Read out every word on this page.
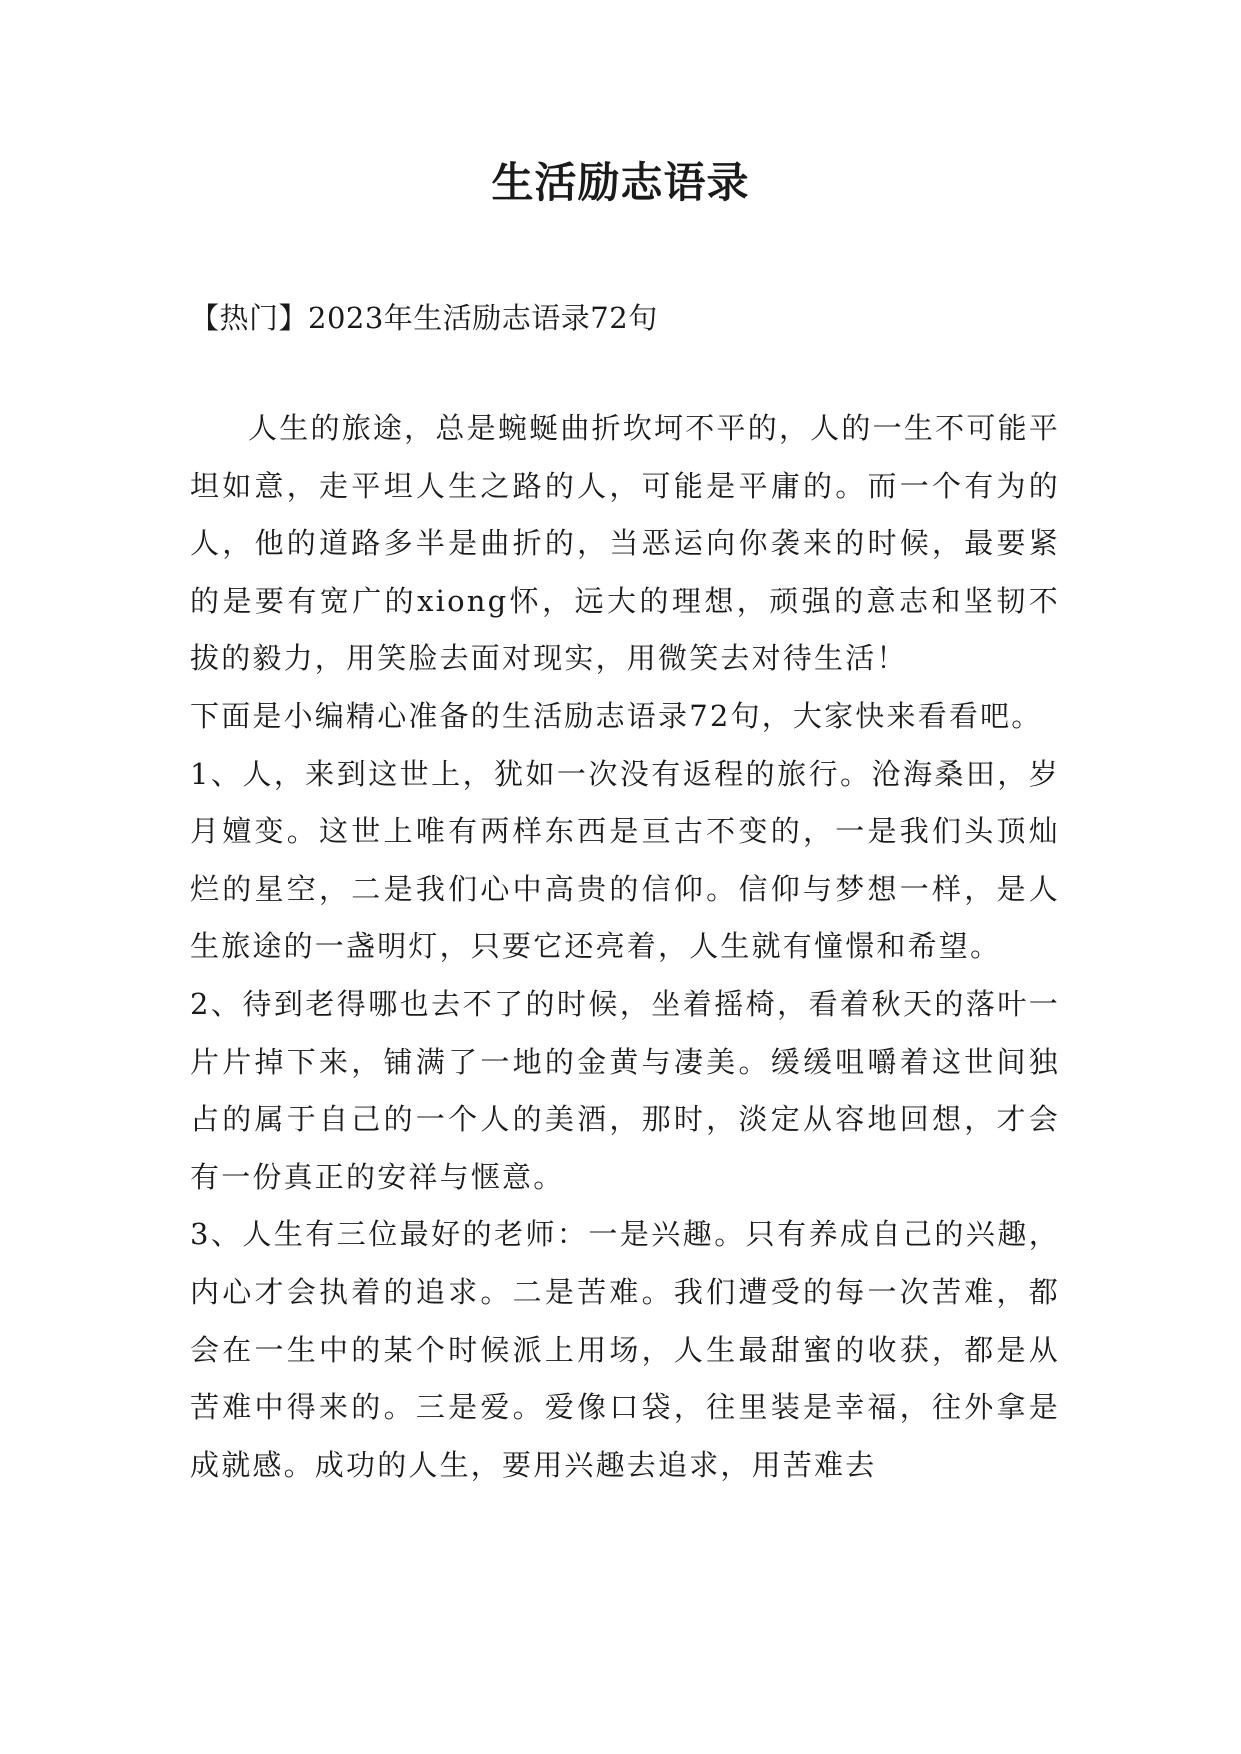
生活励志语录

【热门】2023年生活励志语录72句

人生的旅途，总是蜿蜒曲折坎坷不平的，人的一生不可能平坦如意，走平坦人生之路的人，可能是平庸的。而一个有为的人，他的道路多半是曲折的，当恶运向你袭来的时候，最要紧的是要有宽广的xiong怀，远大的理想，顽强的意志和坚韧不拔的毅力，用笑脸去面对现实，用微笑去对待生活！

下面是小编精心准备的生活励志语录72句，大家快来看看吧。

1、人，来到这世上，犹如一次没有返程的旅行。沧海桑田，岁月嬗变。这世上唯有两样东西是亘古不变的，一是我们头顶灿烂的星空，二是我们心中高贵的信仰。信仰与梦想一样，是人生旅途的一盏明灯，只要它还亮着，人生就有憧憬和希望。

2、待到老得哪也去不了的时候，坐着摇椅，看着秋天的落叶一片片掉下来，铺满了一地的金黄与凄美。缓缓咀嚼着这世间独占的属于自己的一个人的美酒，那时，淡定从容地回想，才会有一份真正的安祥与惬意。

3、人生有三位最好的老师：一是兴趣。只有养成自己的兴趣，内心才会执着的追求。二是苦难。我们遭受的每一次苦难，都会在一生中的某个时候派上用场，人生最甜蜜的收获，都是从苦难中得来的。三是爱。爱像口袋，往里装是幸福，往外拿是成就感。成功的人生，要用兴趣去追求，用苦难去
